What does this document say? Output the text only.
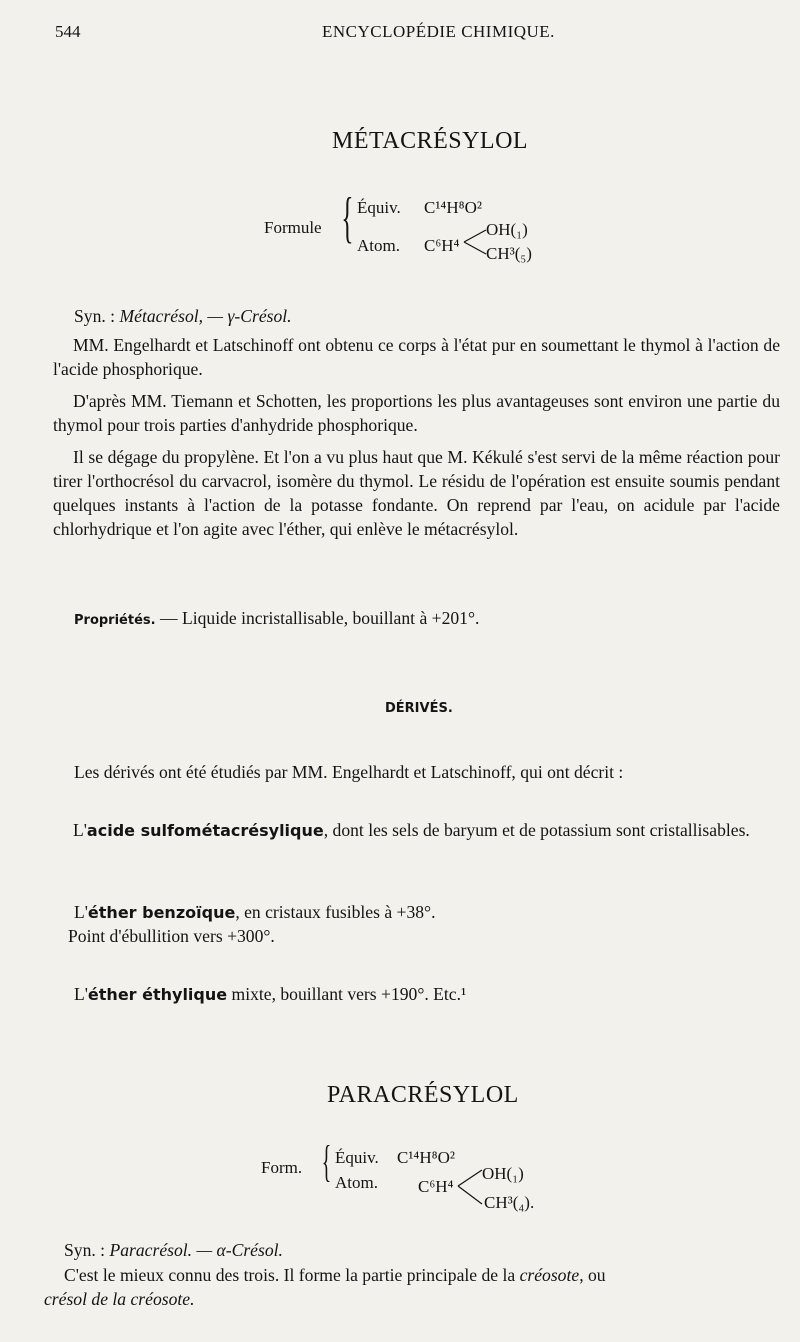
544	ENCYCLOPÉDIE CHIMIQUE.
MÉTACRÉSYLOL
Formule { Équiv. C¹⁴H⁸O²
Atom. C⁶H⁴
OH(₁)
CH³(₅)
Syn. : Métacrésol, — γ-Crésol.
MM. Engelhardt et Latschinoff ont obtenu ce corps à l'état pur en soumettant le thymol à l'action de l'acide phosphorique.
D'après MM. Tiemann et Schotten, les proportions les plus avantageuses sont environ une partie du thymol pour trois parties d'anhydride phosphorique.
Il se dégage du propylène. Et l'on a vu plus haut que M. Kékulé s'est servi de la même réaction pour tirer l'orthocrésol du carvacrol, isomère du thymol. Le résidu de l'opération est ensuite soumis pendant quelques instants à l'action de la potasse fondante. On reprend par l'eau, on acidule par l'acide chlorhydrique et l'on agite avec l'éther, qui enlève le métacrésylol.
Propriétés. — Liquide incristallisable, bouillant à +201°.
DÉRIVÉS.
Les dérivés ont été étudiés par MM. Engelhardt et Latschinoff, qui ont décrit :
L'acide sulfométacrésylique, dont les sels de baryum et de potassium sont cristallisables.
L'éther benzoïque, en cristaux fusibles à +38°.
Point d'ébullition vers +300°.
L'éther éthylique mixte, bouillant vers +190°. Etc.¹
PARACRÉSYLOL
Form. { Équiv. C¹⁴H⁸O²
Atom. C⁶H⁴
OH(₁)
CH³(₄).
Syn. : Paracrésol. — α-Crésol.
C'est le mieux connu des trois. Il forme la partie principale de la créosote, ou
crésol de la créosote.
